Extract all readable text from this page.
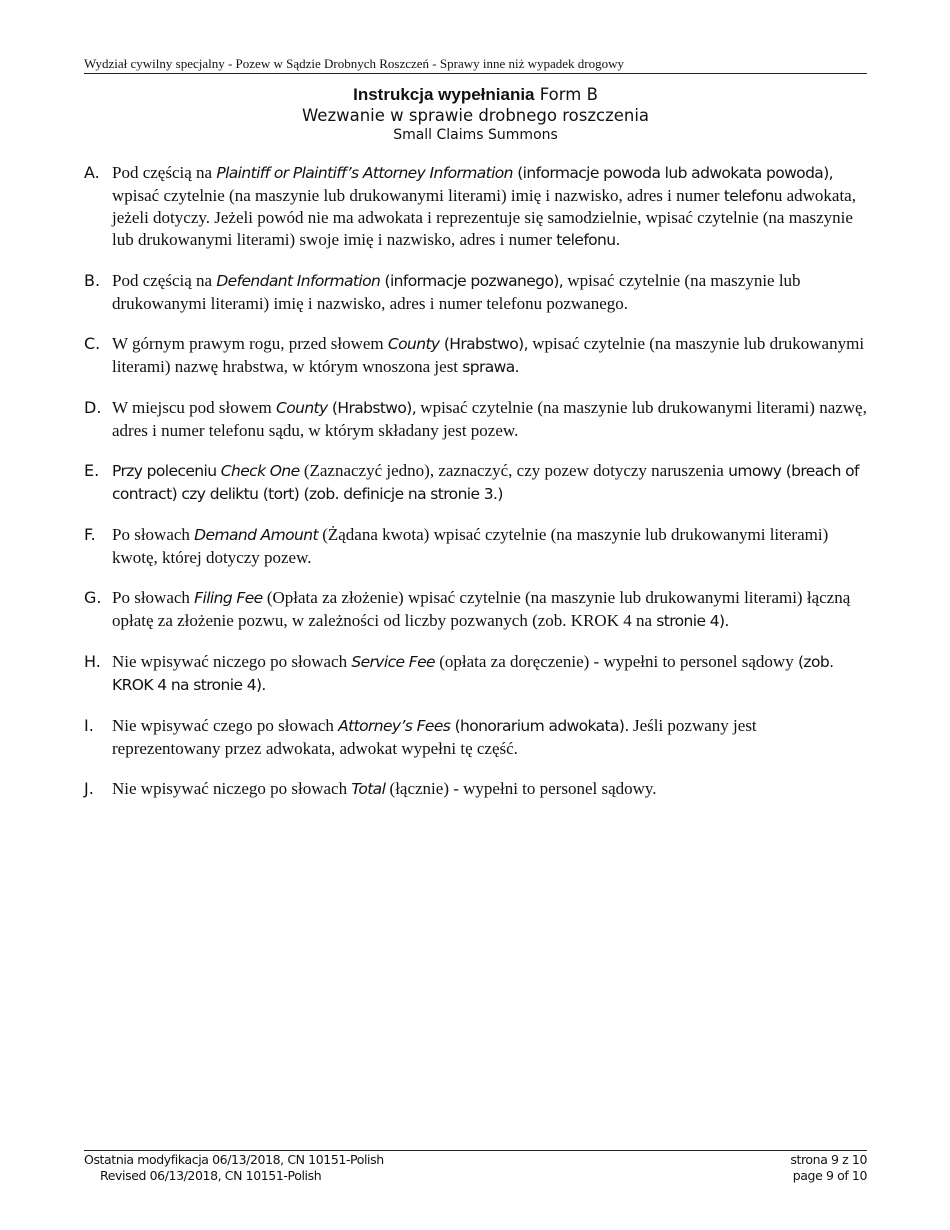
Wydział cywilny specjalny - Pozew w Sądzie Drobnych Roszczeń - Sprawy inne niż wypadek drogowy
Instrukcja wypełniania Form B
Wezwanie w sprawie drobnego roszczenia
Small Claims Summons
A. Pod częścią na Plaintiff or Plaintiff’s Attorney Information (informacje powoda lub adwokata powoda), wpisać czytelnie (na maszynie lub drukowanymi literami) imię i nazwisko, adres i numer telefonu adwokata, jeżeli dotyczy. Jeżeli powód nie ma adwokata i reprezentuje się samodzielnie, wpisać czytelnie (na maszynie lub drukowanymi literami) swoje imię i nazwisko, adres i numer telefonu.
B. Pod częścią na Defendant Information (informacje pozwanego), wpisać czytelnie (na maszynie lub drukowanymi literami) imię i nazwisko, adres i numer telefonu pozwanego.
C. W górnym prawym rogu, przed słowem County (Hrabstwo), wpisać czytelnie (na maszynie lub drukowanymi literami) nazwę hrabstwa, w którym wnoszona jest sprawa.
D. W miejscu pod słowem County (Hrabstwo), wpisać czytelnie (na maszynie lub drukowanymi literami) nazwę, adres i numer telefonu sądu, w którym składany jest pozew.
E. Przy poleceniu Check One (Zaznaczyć jedno), zaznaczyć, czy pozew dotyczy naruszenia umowy (breach of contract) czy deliktu (tort) (zob. definicje na stronie 3.)
F. Po słowach Demand Amount (Żądana kwota) wpisać czytelnie (na maszynie lub drukowanymi literami) kwotę, której dotyczy pozew.
G. Po słowach Filing Fee (Opłata za złożenie) wpisać czytelnie (na maszynie lub drukowanymi literami) łączną opłatę za złożenie pozwu, w zależności od liczby pozwanych (zob. KROK 4 na stronie 4).
H. Nie wpisywać niczego po słowach Service Fee (opłata za doręczenie) - wypełni to personel sądowy (zob. KROK 4 na stronie 4).
I. Nie wpisywać czego po słowach Attorney’s Fees (honorarium adwokata). Jeśli pozwany jest reprezentowany przez adwokata, adwokat wypełni tę część.
J. Nie wpisywać niczego po słowach Total (łącznie) - wypełni to personel sądowy.
Ostatnia modyfikacja 06/13/2018, CN 10151-Polish
Revised 06/13/2018, CN 10151-Polish
strona 9 z 10
page 9 of 10
